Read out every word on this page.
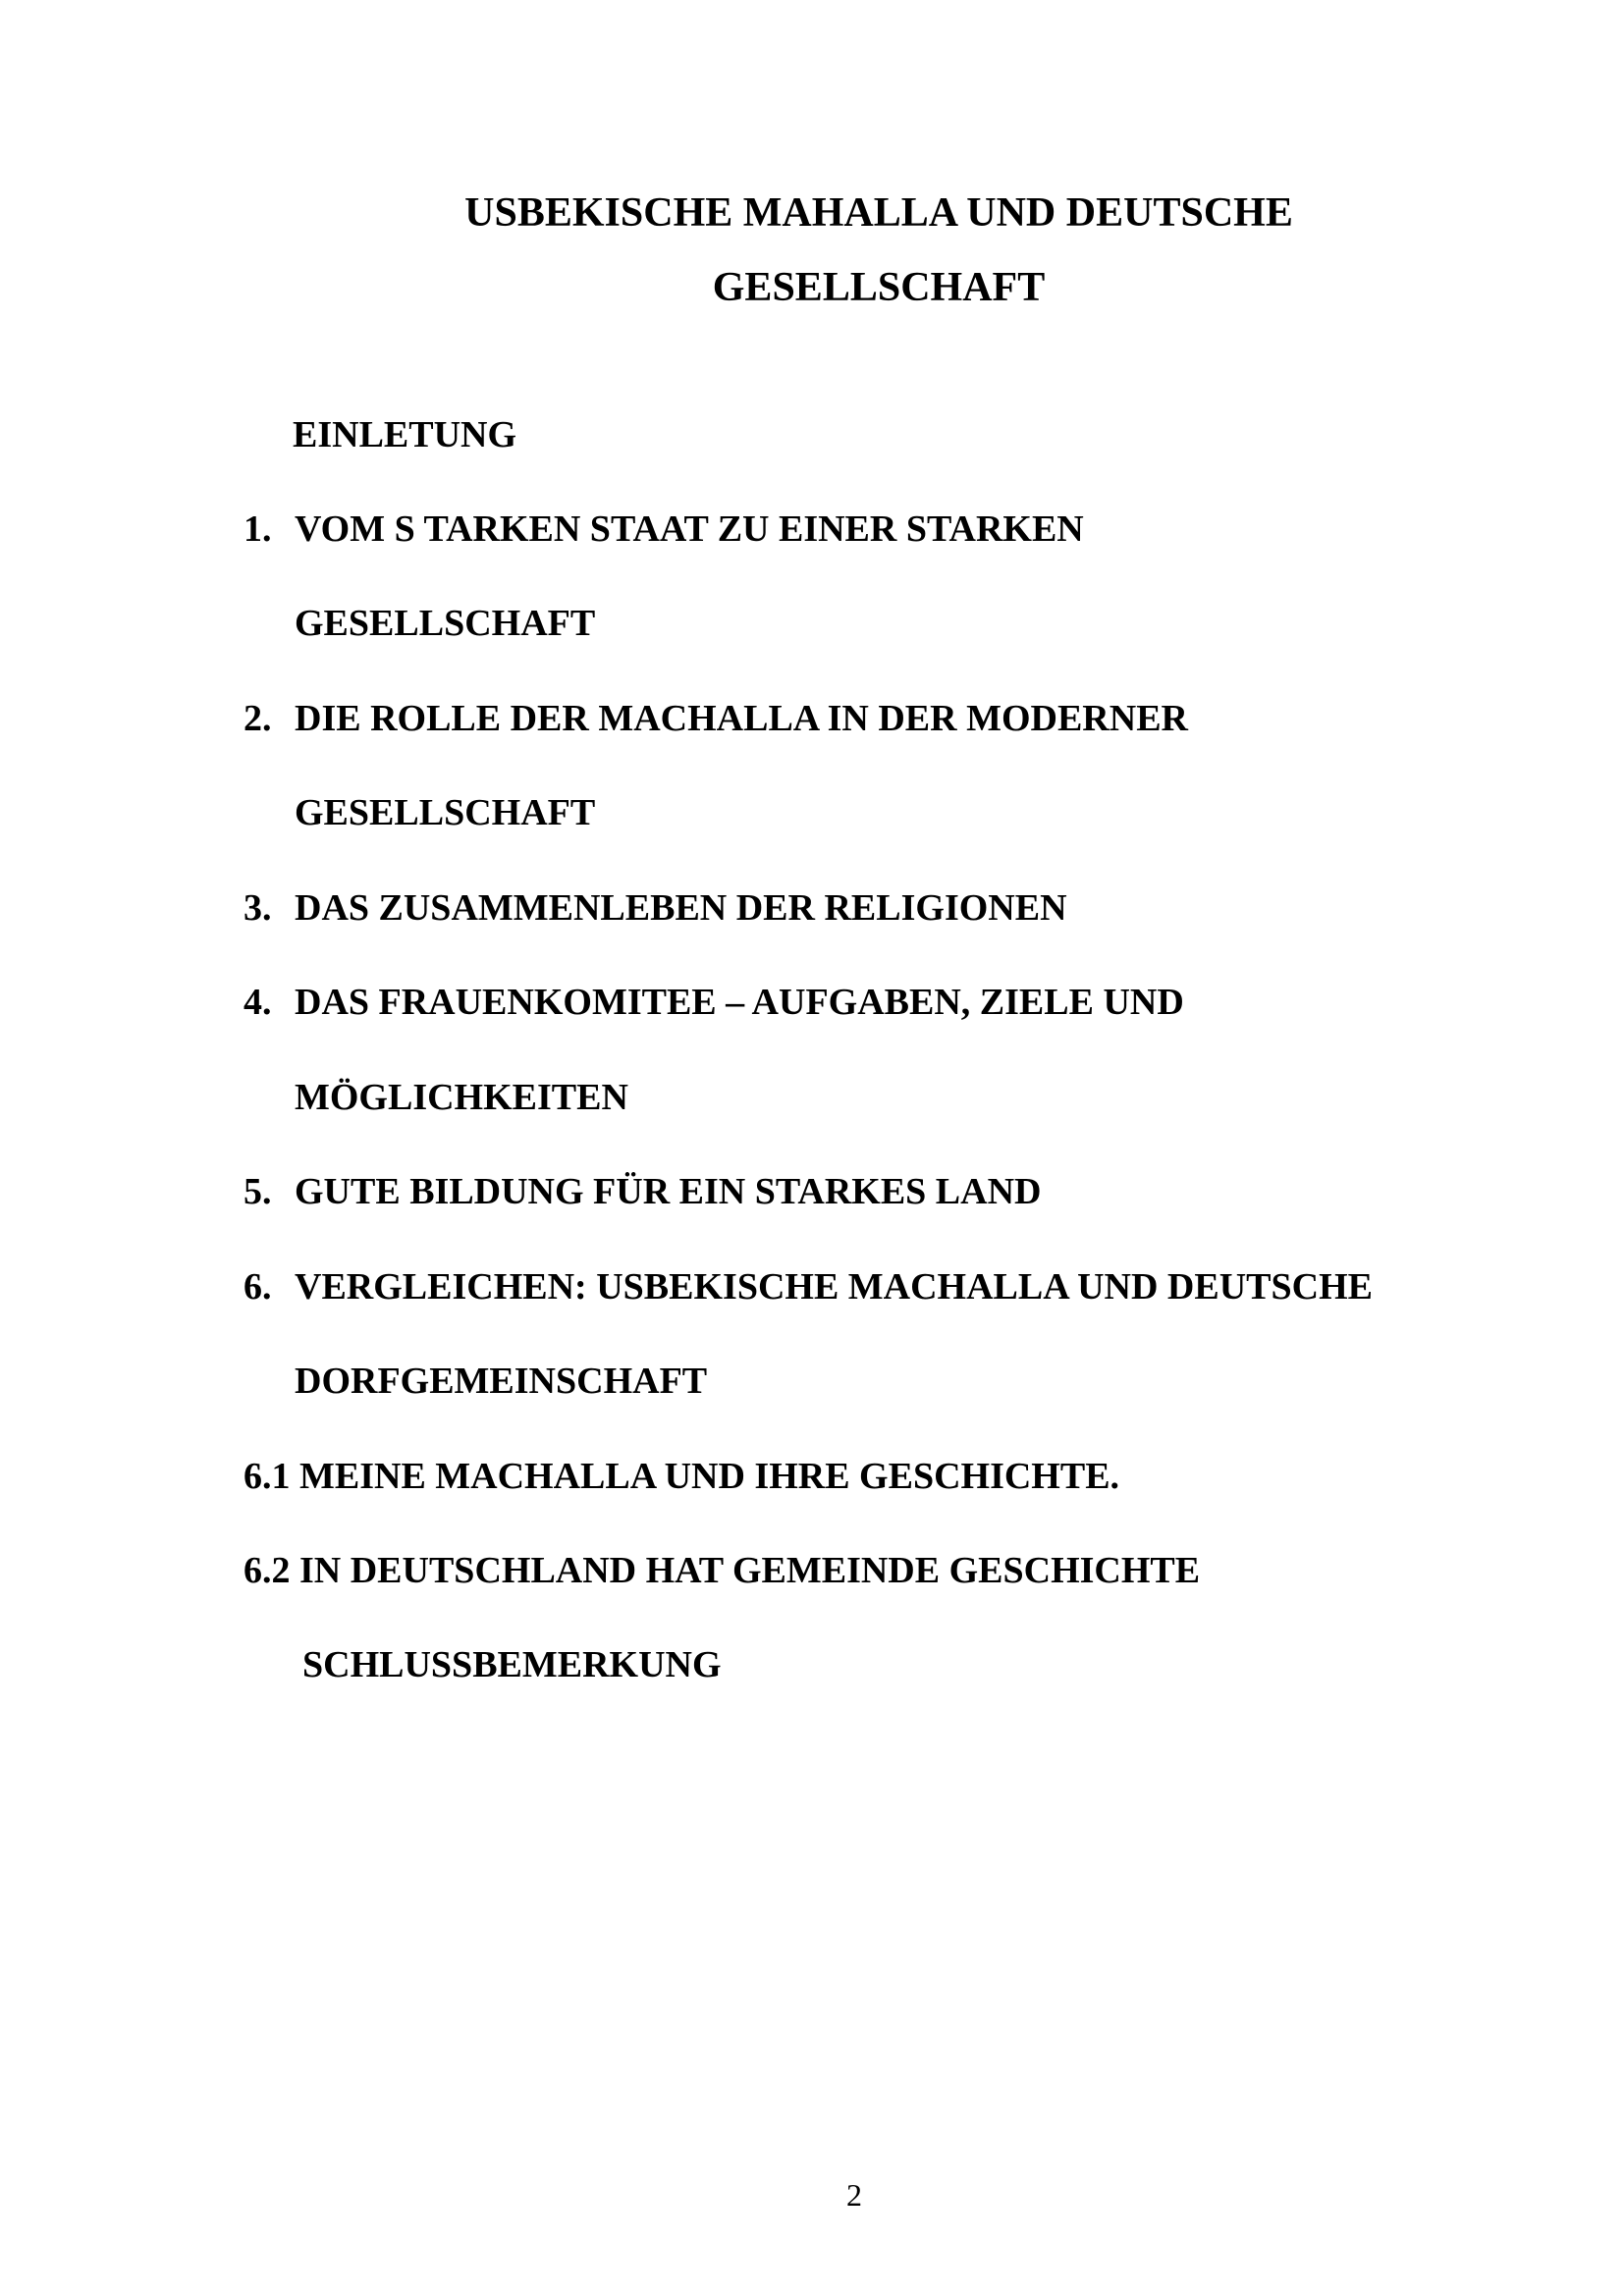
USBEKISCHE MAHALLA UND DEUTSCHE
GESELLSCHAFT
EINLETUNG
1. VOM S TARKEN STAAT ZU EINER STARKEN
GESELLSCHAFT
2. DIE ROLLE DER MACHALLA IN DER MODERNER
GESELLSCHAFT
3. DAS ZUSAMMENLEBEN DER RELIGIONEN
4. DAS FRAUENKOMITEE – AUFGABEN, ZIELE UND
MÖGLICHKEITEN
5. GUTE BILDUNG FÜR EIN STARKES LAND
6. VERGLEICHEN: USBEKISCHE MACHALLA UND DEUTSCHE
DORFGEMEINSCHAFT
6.1 MEINE MACHALLA UND IHRE GESCHICHTE.
6.2 IN DEUTSCHLAND HAT GEMEINDE GESCHICHTE
SCHLUSSBEMERKUNG
2
